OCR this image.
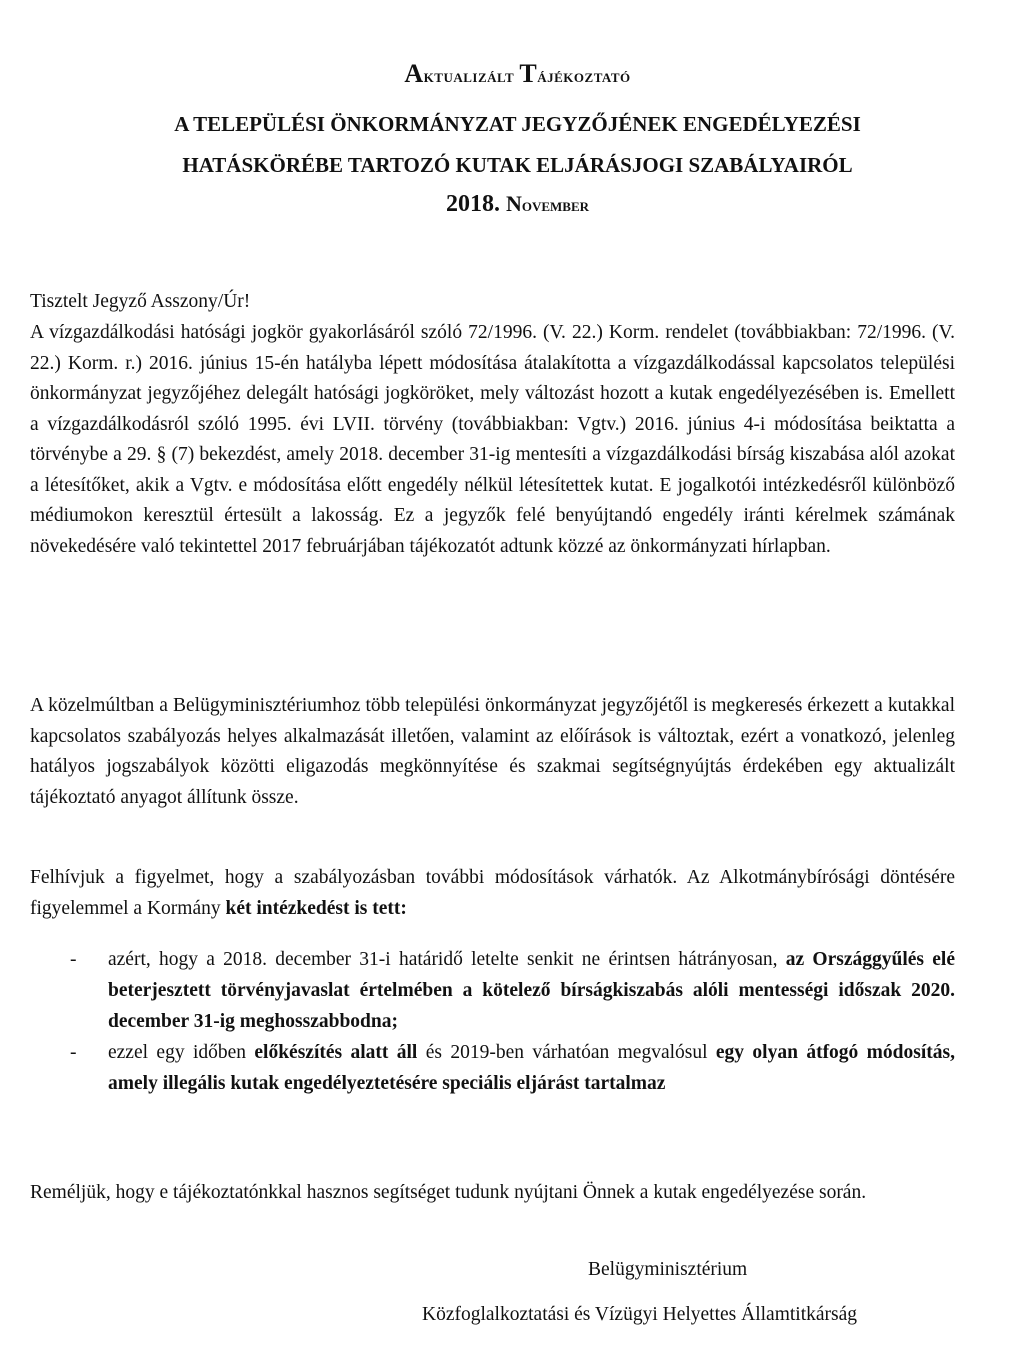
Aktualizált Tájékoztató
A TELEPÜLÉSI ÖNKORMÁNYZAT JEGYZŐJÉNEK ENGEDÉLYEZÉSI
HATÁSKÖRÉBE TARTOZÓ KUTAK ELJÁRÁSJOGI SZABÁLYAIRÓL
2018. November
Tisztelt Jegyző Asszony/Úr!
A vízgazdálkodási hatósági jogkör gyakorlásáról szóló 72/1996. (V. 22.) Korm. rendelet (továbbiakban: 72/1996. (V. 22.) Korm. r.) 2016. június 15-én hatályba lépett módosítása átalakította a vízgazdálkodással kapcsolatos települési önkormányzat jegyzőjéhez delegált hatósági jogköröket, mely változást hozott a kutak engedélyezésében is. Emellett a vízgazdálkodásról szóló 1995. évi LVII. törvény (továbbiakban: Vgtv.) 2016. június 4-i módosítása beiktatta a törvénybe a 29. § (7) bekezdést, amely 2018. december 31-ig mentesíti a vízgazdálkodási bírság kiszabása alól azokat a létesítőket, akik a Vgtv. e módosítása előtt engedély nélkül létesítettek kutat. E jogalkotói intézkedésről különböző médiumokon keresztül értesült a lakosság. Ez a jegyzők felé benyújtandó engedély iránti kérelmek számának növekedésére való tekintettel 2017 februárjában tájékozatót adtunk közzé az önkormányzati hírlapban.
A közelmúltban a Belügyminisztériumhoz több települési önkormányzat jegyzőjétől is megkeresés érkezett a kutakkal kapcsolatos szabályozás helyes alkalmazását illetően, valamint az előírások is változtak, ezért a vonatkozó, jelenleg hatályos jogszabályok közötti eligazodás megkönnyítése és szakmai segítségnyújtás érdekében egy aktualizált tájékoztató anyagot állítunk össze.
Felhívjuk a figyelmet, hogy a szabályozásban további módosítások várhatók. Az Alkotmánybírósági döntésére figyelemmel a Kormány két intézkedést is tett:
- azért, hogy a 2018. december 31-i határidő letelte senkit ne érintsen hátrányosan, az Országgyűlés elé beterjesztett törvényjavaslat értelmében a kötelező bírságkiszabás alóli mentességi időszak 2020. december 31-ig meghosszabbodna;
- ezzel egy időben előkészítés alatt áll és 2019-ben várhatóan megvalósul egy olyan átfogó módosítás, amely illegális kutak engedélyeztetésére speciális eljárást tartalmaz
Reméljük, hogy e tájékoztatónkkal hasznos segítséget tudunk nyújtani Önnek a kutak engedélyezése során.
Belügyminisztérium
Közfoglalkoztatási és Vízügyi Helyettes Államtitkárság
